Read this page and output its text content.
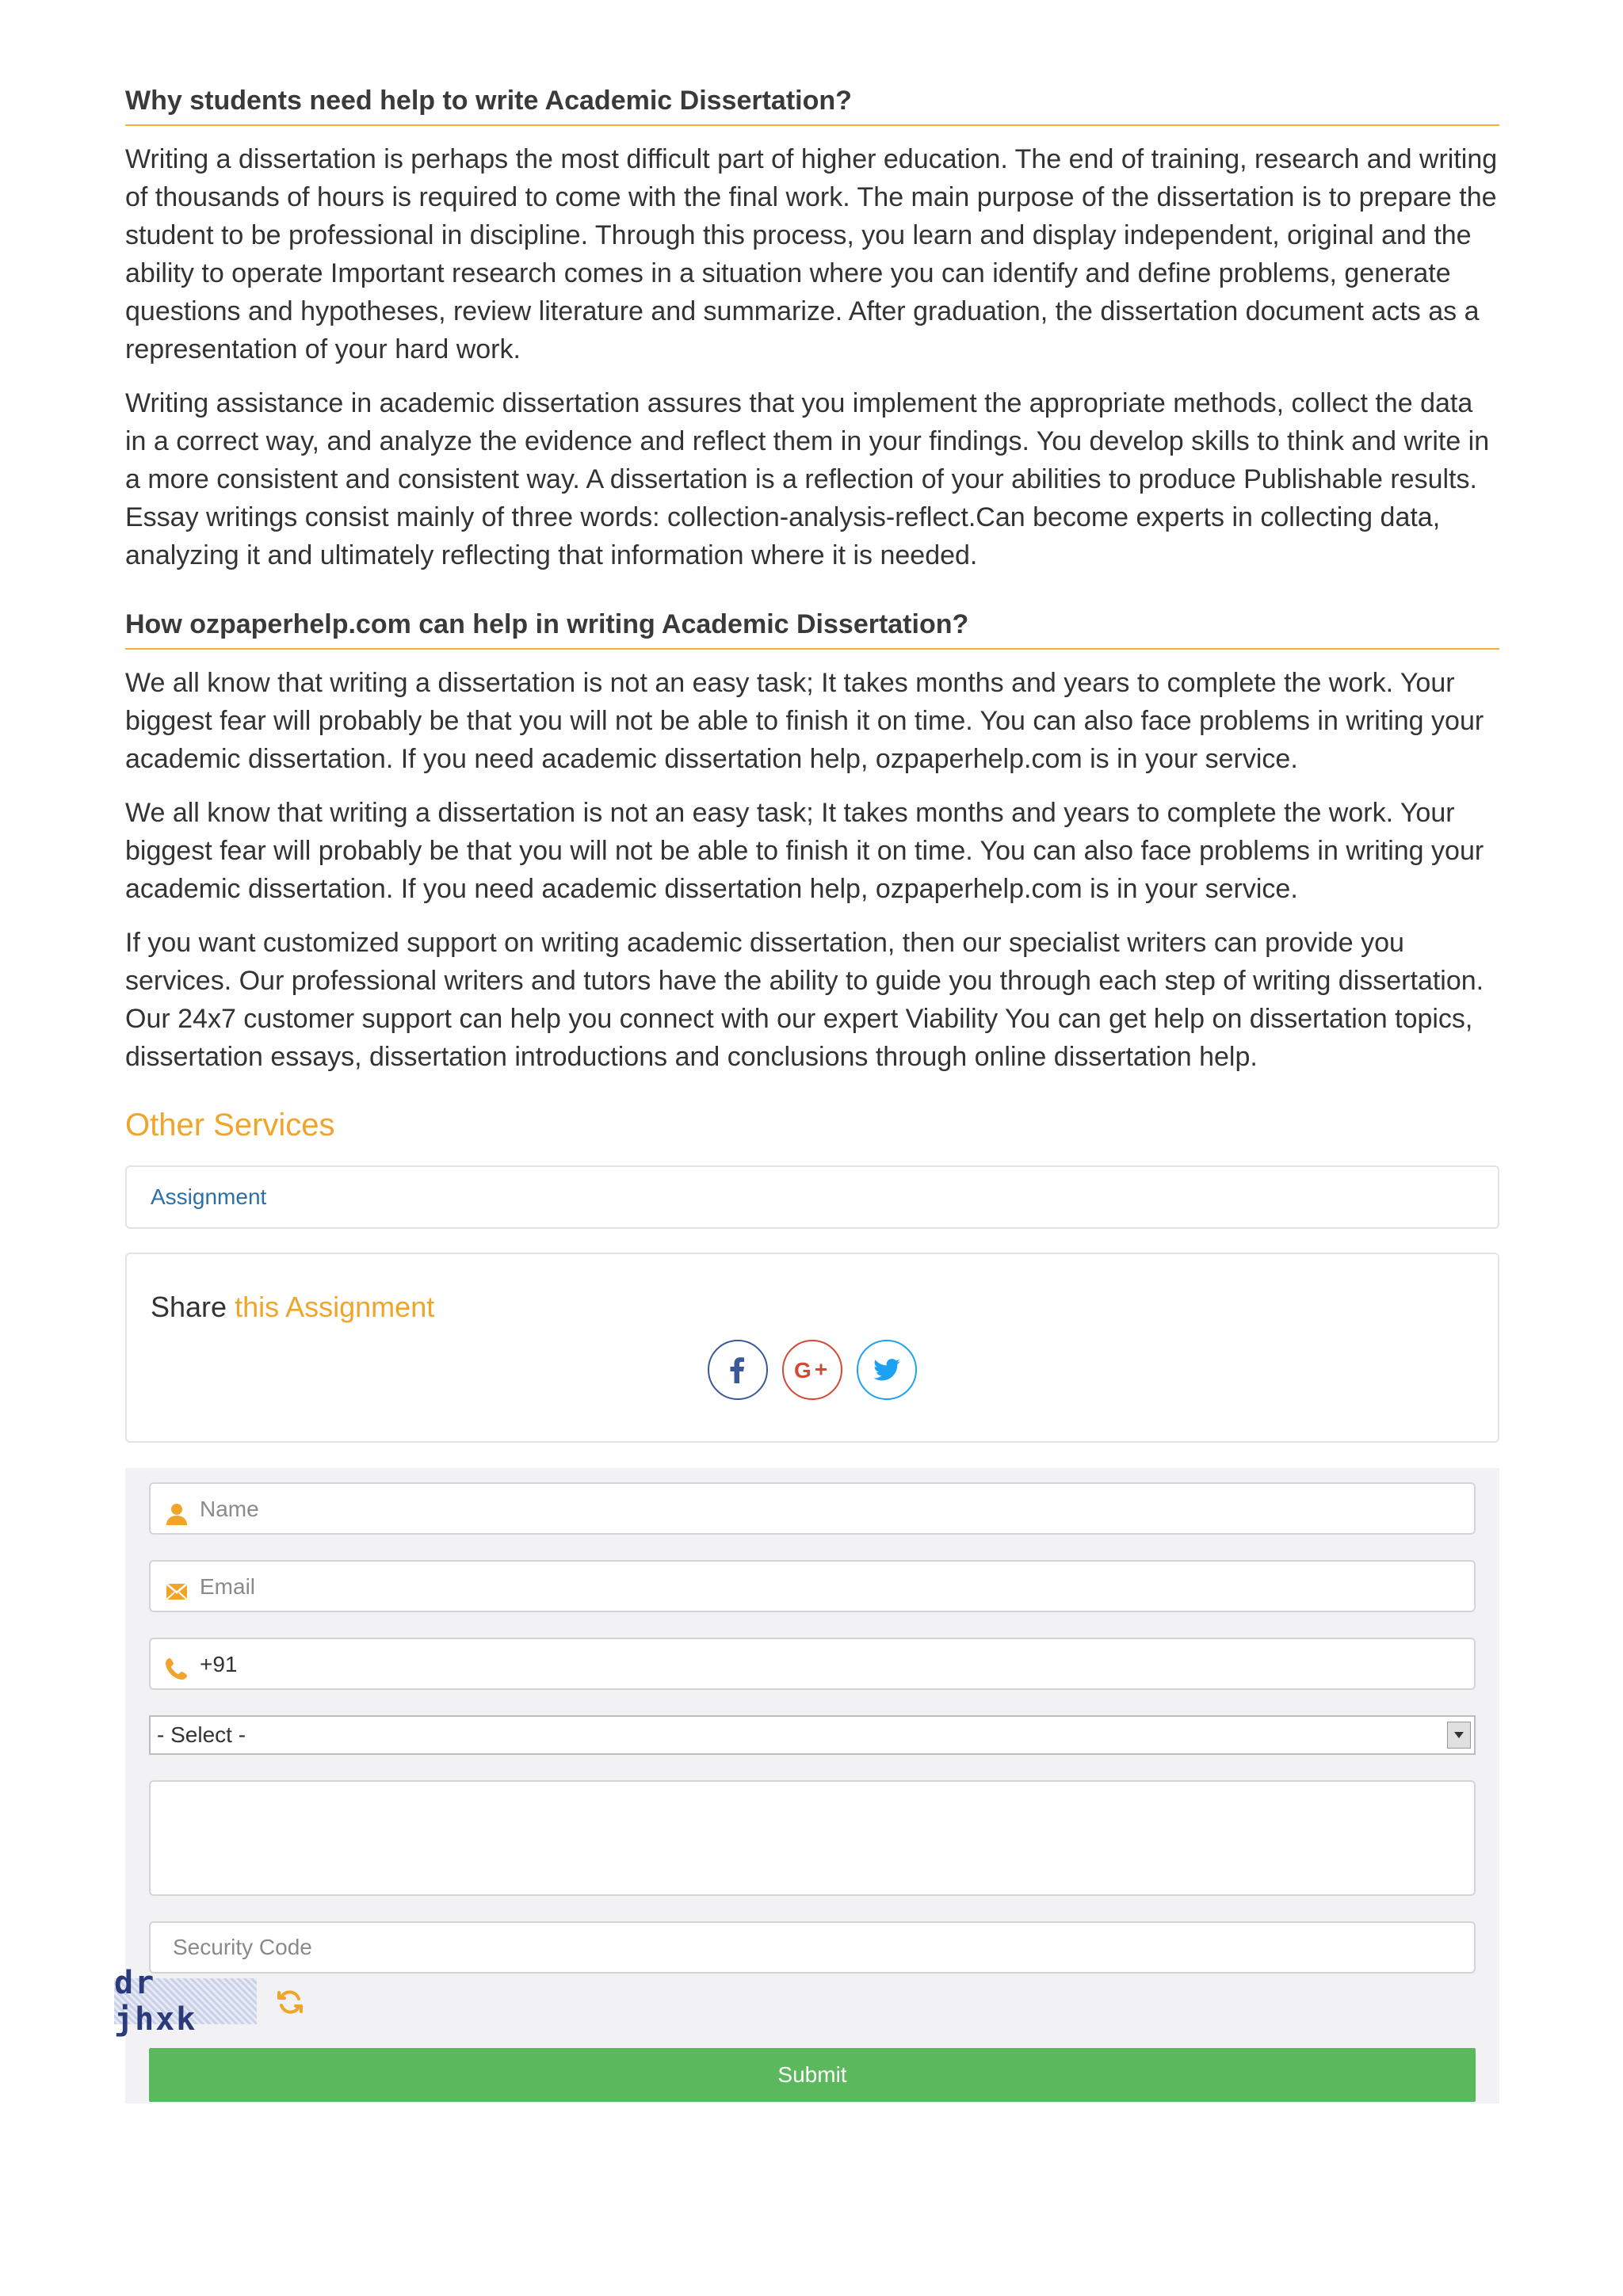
Why students need help to write Academic Dissertation?

Writing a dissertation is perhaps the most difficult part of higher education. The end of training, research and writing of thousands of hours is required to come with the final work. The main purpose of the dissertation is to prepare the student to be professional in discipline. Through this process, you learn and display independent, original and the ability to operate Important research comes in a situation where you can identify and define problems, generate questions and hypotheses, review literature and summarize. After graduation, the dissertation document acts as a representation of your hard work.

Writing assistance in academic dissertation assures that you implement the appropriate methods, collect the data in a correct way, and analyze the evidence and reflect them in your findings. You develop skills to think and write in a more consistent and consistent way. A dissertation is a reflection of your abilities to produce Publishable results. Essay writings consist mainly of three words: collection-analysis-reflect.Can become experts in collecting data, analyzing it and ultimately reflecting that information where it is needed.

How ozpaperhelp.com can help in writing Academic Dissertation?

We all know that writing a dissertation is not an easy task; It takes months and years to complete the work. Your biggest fear will probably be that you will not be able to finish it on time. You can also face problems in writing your academic dissertation. If you need academic dissertation help, ozpaperhelp.com is in your service.

We all know that writing a dissertation is not an easy task; It takes months and years to complete the work. Your biggest fear will probably be that you will not be able to finish it on time. You can also face problems in writing your academic dissertation. If you need academic dissertation help, ozpaperhelp.com is in your service.

If you want customized support on writing academic dissertation, then our specialist writers can provide you services. Our professional writers and tutors have the ability to guide you through each step of writing dissertation. Our 24x7 customer support can help you connect with our expert Viability You can get help on dissertation topics, dissertation essays, dissertation introductions and conclusions through online dissertation help.

Other Services
Assignment
Share this Assignment
G
Name
Email
+91
- Select -
Security Code
dr jhxk
Submit
